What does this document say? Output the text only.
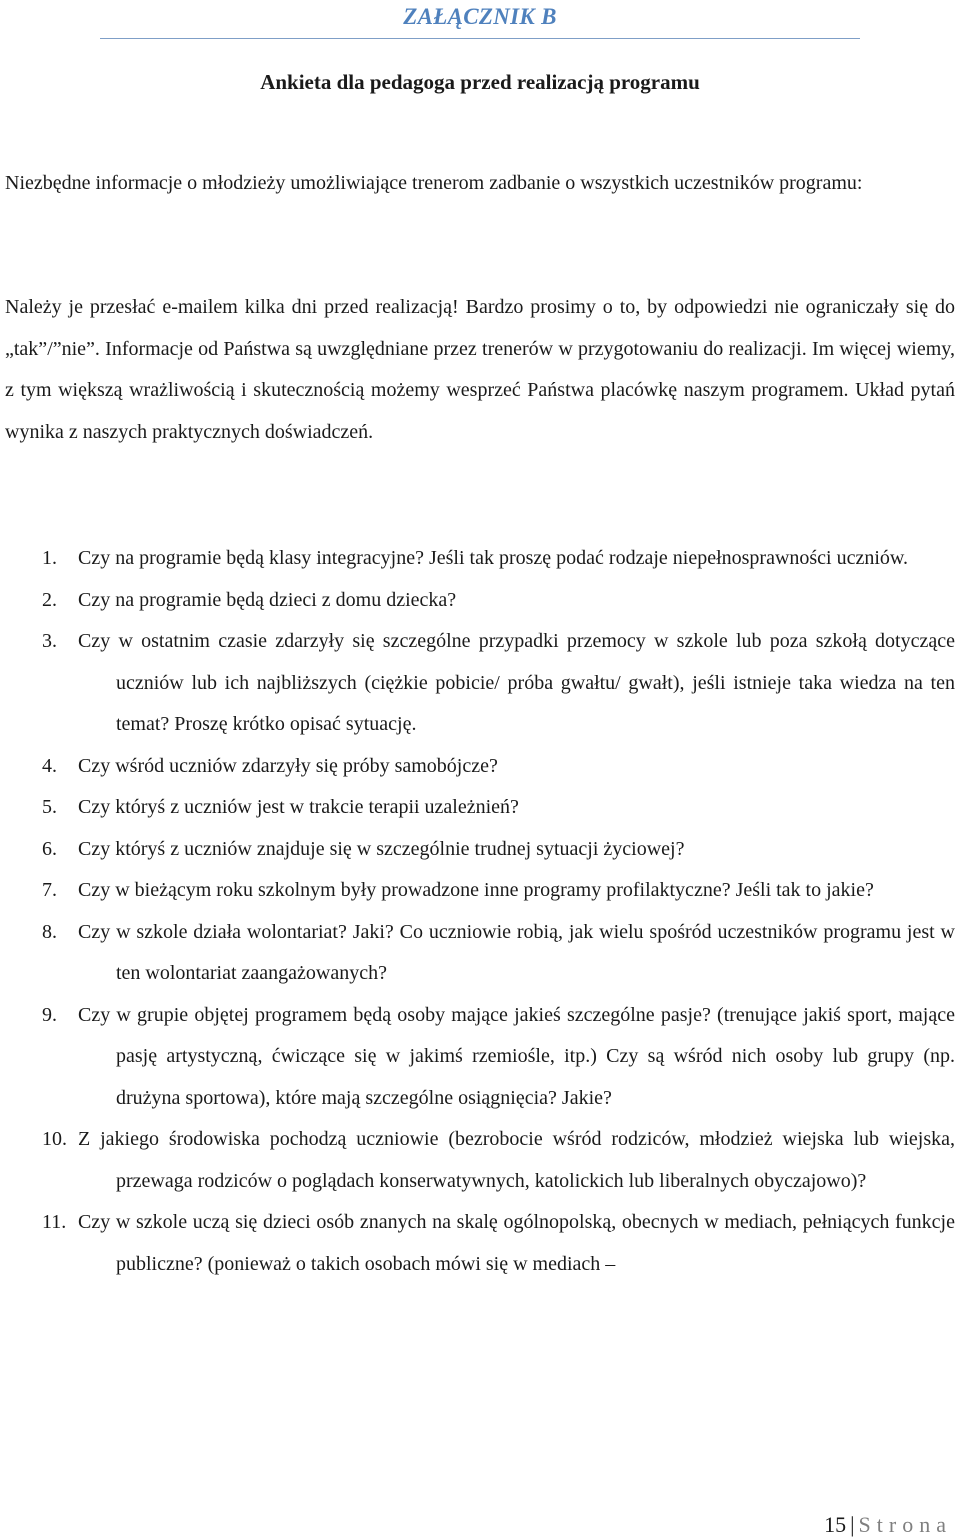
ZAŁĄCZNIK B
Ankieta dla pedagoga przed realizacją programu

Niezbędne informacje o młodzieży umożliwiające trenerom zadbanie o wszystkich uczestników programu:

Należy je przesłać e-mailem kilka dni przed realizacją! Bardzo prosimy o to, by odpowiedzi nie ograniczały się do „tak”/”nie”. Informacje od Państwa są uwzględniane przez trenerów w przygotowaniu do realizacji. Im więcej wiemy, z tym większą wrażliwością i skutecznością możemy wesprzeć Państwa placówkę naszym programem. Układ pytań wynika z naszych praktycznych doświadczeń.

1. Czy na programie będą klasy integracyjne? Jeśli tak proszę podać rodzaje niepełnosprawności uczniów.
2. Czy na programie będą dzieci z domu dziecka?
3. Czy w ostatnim czasie zdarzyły się szczególne przypadki przemocy w szkole lub poza szkołą dotyczące uczniów lub ich najbliższych (ciężkie pobicie/ próba gwałtu/ gwałt), jeśli istnieje taka wiedza na ten temat? Proszę krótko opisać sytuację.
4. Czy wśród uczniów zdarzyły się próby samobójcze?
5. Czy któryś z uczniów jest w trakcie terapii uzależnień?
6. Czy któryś z uczniów znajduje się w szczególnie trudnej sytuacji życiowej?
7. Czy w bieżącym roku szkolnym były prowadzone inne programy profilaktyczne? Jeśli tak to jakie?
8. Czy w szkole działa wolontariat? Jaki? Co uczniowie robią, jak wielu spośród uczestników programu jest w ten wolontariat zaangażowanych?
9. Czy w grupie objętej programem będą osoby mające jakieś szczególne pasje? (trenujące jakiś sport, mające pasję artystyczną, ćwiczące się w jakimś rzemiośle, itp.) Czy są wśród nich osoby lub grupy (np. drużyna sportowa), które mają szczególne osiągnięcia? Jakie?
10. Z jakiego środowiska pochodzą uczniowie (bezrobocie wśród rodziców, młodzież wiejska lub wiejska, przewaga rodziców o poglądach konserwatywnych, katolickich lub liberalnych obyczajowo)?
11. Czy w szkole uczą się dzieci osób znanych na skalę ogólnopolską, obecnych w mediach, pełniących funkcje publiczne? (ponieważ o takich osobach mówi się w mediach –
15 | Strona
